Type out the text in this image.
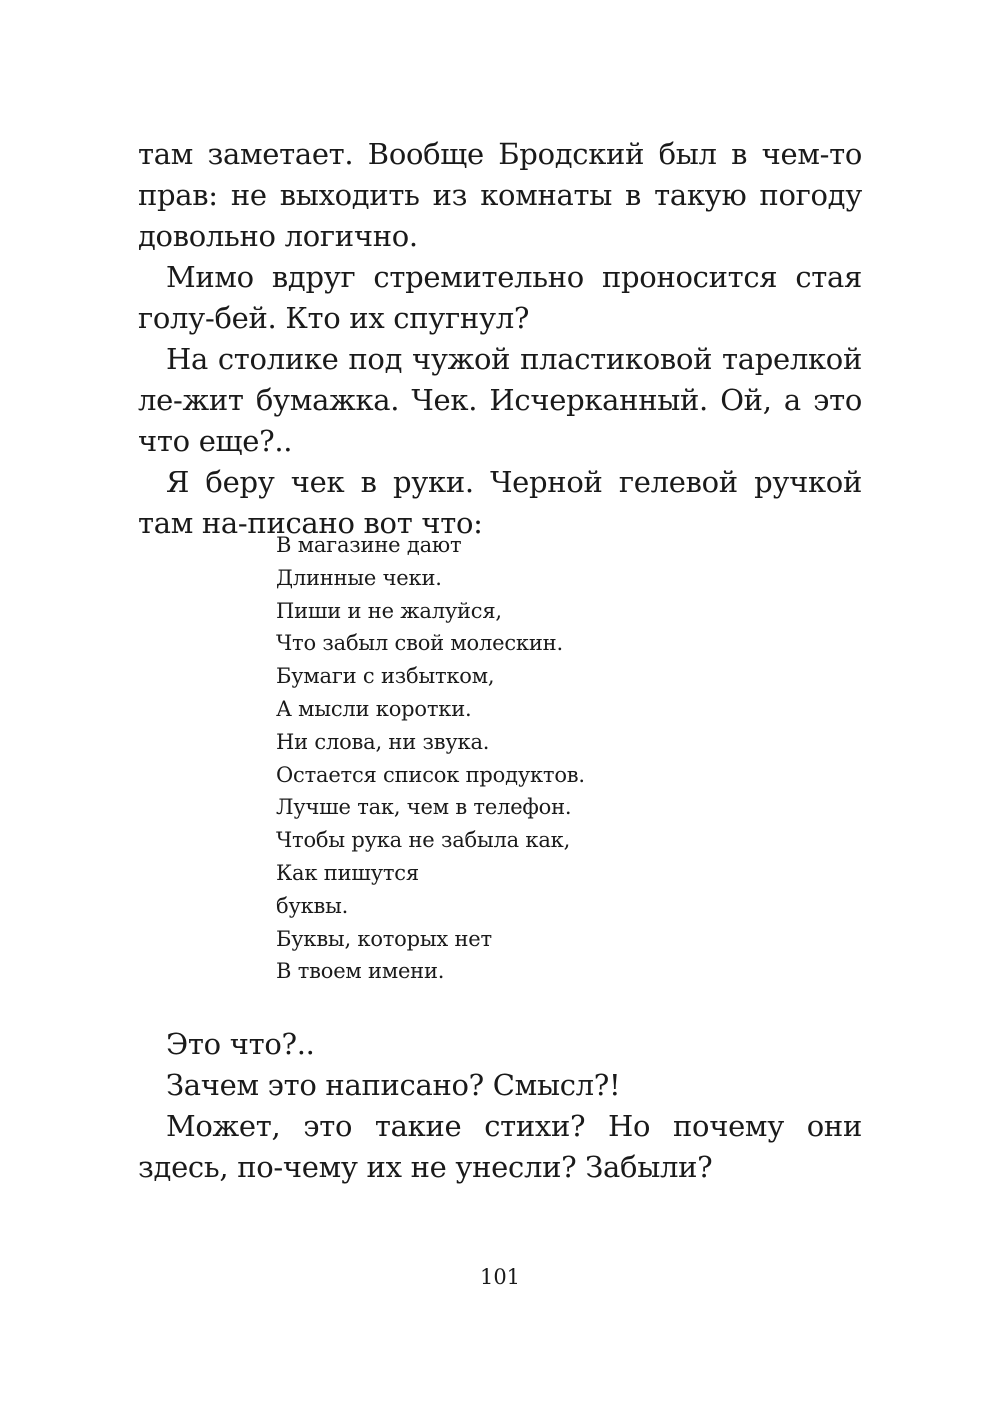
там заметает. Вообще Бродский был в чем-то прав: не выходить из комнаты в такую погоду довольно логично.

Мимо вдруг стремительно проносится стая голу-бей. Кто их спугнул?

На столике под чужой пластиковой тарелкой ле-жит бумажка. Чек. Исчерканный. Ой, а это что еще?..

Я беру чек в руки. Черной гелевой ручкой там на-писано вот что:

В магазине дают
Длинные чеки.
Пиши и не жалуйся,
Что забыл свой молескин.
Бумаги с избытком,
А мысли коротки.
Ни слова, ни звука.
Остается список продуктов.
Лучше так, чем в телефон.
Чтобы рука не забыла как,
Как пишутся
буквы.
Буквы, которых нет
В твоем имени.

Это что?..

Зачем это написано? Смысл?!

Может, это такие стихи? Но почему они здесь, по-чему их не унесли? Забыли?

101
